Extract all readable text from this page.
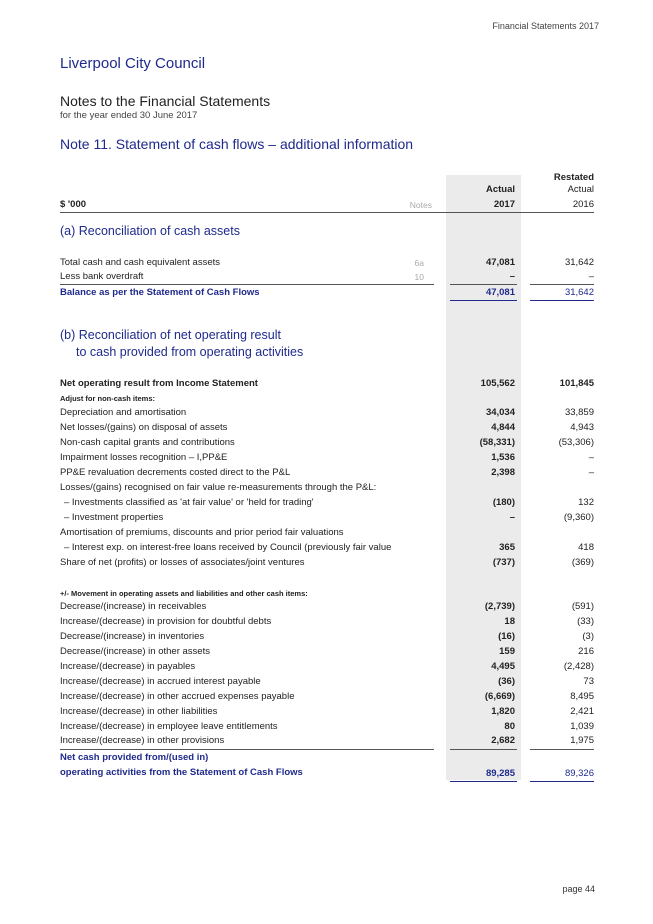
Financial Statements 2017
Liverpool City Council
Notes to the Financial Statements
for the year ended 30 June 2017
Note 11. Statement of cash flows – additional information
Restated
Actual	Actual
$ '000	Notes	2017	2016
(a) Reconciliation of cash assets
Total cash and cash equivalent assets	6a	47,081	31,642
Less bank overdraft	10	–	–
Balance as per the Statement of Cash Flows	47,081	31,642
(b) Reconciliation of net operating result
to cash provided from operating activities
Net operating result from Income Statement	105,562	101,845
Adjust for non-cash items:
Depreciation and amortisation	34,034	33,859
Net losses/(gains) on disposal of assets	4,844	4,943
Non-cash capital grants and contributions	(58,331)	(53,306)
Impairment losses recognition – I,PP&E	1,536	–
PP&E revaluation decrements costed direct to the P&L	2,398	–
Losses/(gains) recognised on fair value re-measurements through the P&L:
– Investments classified as 'at fair value' or 'held for trading'	(180)	132
– Investment properties	–	(9,360)
Amortisation of premiums, discounts and prior period fair valuations
– Interest exp. on interest-free loans received by Council (previously fair value	365	418
Share of net (profits) or losses of associates/joint ventures	(737)	(369)
+/- Movement in operating assets and liabilities and other cash items:
Decrease/(increase) in receivables	(2,739)	(591)
Increase/(decrease) in provision for doubtful debts	18	(33)
Decrease/(increase) in inventories	(16)	(3)
Decrease/(increase) in other assets	159	216
Increase/(decrease) in payables	4,495	(2,428)
Increase/(decrease) in accrued interest payable	(36)	73
Increase/(decrease) in other accrued expenses payable	(6,669)	8,495
Increase/(decrease) in other liabilities	1,820	2,421
Increase/(decrease) in employee leave entitlements	80	1,039
Increase/(decrease) in other provisions	2,682	1,975
Net cash provided from/(used in)
operating activities from the Statement of Cash Flows	89,285	89,326
page 44
